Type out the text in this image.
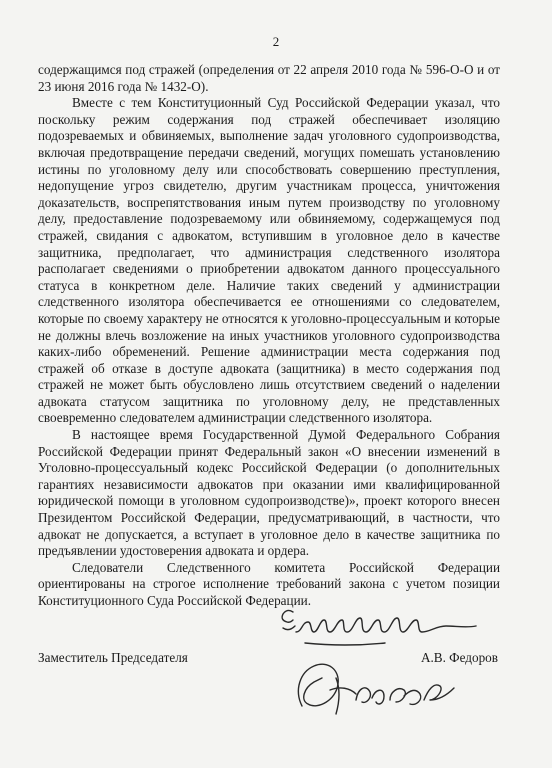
2

содержащимся под стражей (определения от 22 апреля 2010 года № 596-О-О и от 23 июня 2016 года № 1432-О).

Вместе с тем Конституционный Суд Российской Федерации указал, что поскольку режим содержания под стражей обеспечивает изоляцию подозреваемых и обвиняемых, выполнение задач уголовного судопроизводства, включая предотвращение передачи сведений, могущих помешать установлению истины по уголовному делу или способствовать совершению преступления, недопущение угроз свидетелю, другим участникам процесса, уничтожения доказательств, воспрепятствования иным путем производству по уголовному делу, предоставление подозреваемому или обвиняемому, содержащемуся под стражей, свидания с адвокатом, вступившим в уголовное дело в качестве защитника, предполагает, что администрация следственного изолятора располагает сведениями о приобретении адвокатом данного процессуального статуса в конкретном деле. Наличие таких сведений у администрации следственного изолятора обеспечивается ее отношениями со следователем, которые по своему характеру не относятся к уголовно-процессуальным и которые не должны влечь возложение на иных участников уголовного судопроизводства каких-либо обременений. Решение администрации места содержания под стражей об отказе в доступе адвоката (защитника) в место содержания под стражей не может быть обусловлено лишь отсутствием сведений о наделении адвоката статусом защитника по уголовному делу, не представленных своевременно следователем администрации следственного изолятора.

В настоящее время Государственной Думой Федерального Собрания Российской Федерации принят Федеральный закон «О внесении изменений в Уголовно-процессуальный кодекс Российской Федерации (о дополнительных гарантиях независимости адвокатов при оказании ими квалифицированной юридической помощи в уголовном судопроизводстве)», проект которого внесен Президентом Российской Федерации, предусматривающий, в частности, что адвокат не допускается, а вступает в уголовное дело в качестве защитника по предъявлении удостоверения адвоката и ордера.

Следователи Следственного комитета Российской Федерации ориентированы на строгое исполнение требований закона с учетом позиции Конституционного Суда Российской Федерации.

Заместитель Председателя	А.В. Федоров
